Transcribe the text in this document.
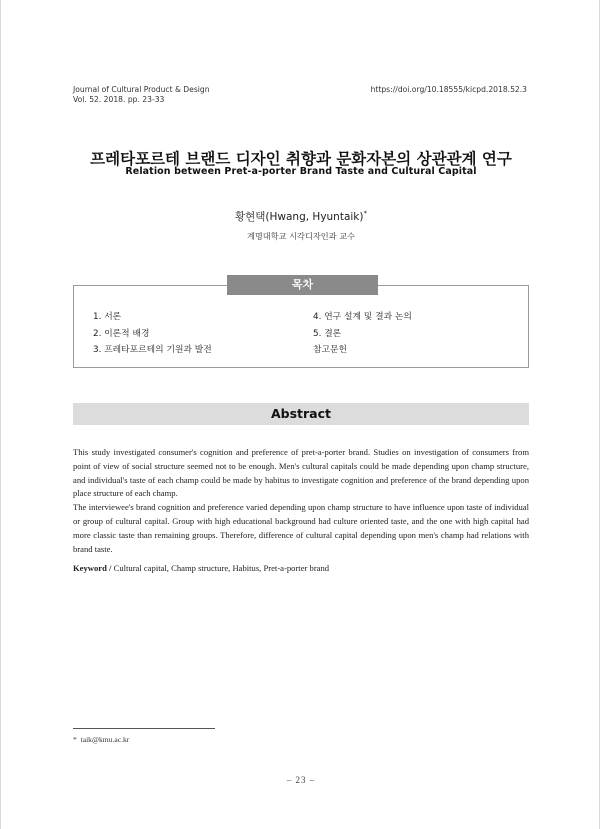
Journal of Cultural Product & Design
Vol. 52. 2018. pp. 23-33
https://doi.org/10.18555/kicpd.2018.52.3
프레타포르테 브랜드 디자인 취향과 문화자본의 상관관계 연구
Relation between Pret-a-porter Brand Taste and Cultural Capital
황현택(Hwang, Hyuntaik)*
계명대학교 시각디자인과 교수
목차
1. 서론
2. 이론적 배경
3. 프레타포르테의 기원과 발전
4. 연구 설계 및 결과 논의
5. 결론
참고문헌
Abstract

This study investigated consumer's cognition and preference of pret-a-porter brand. Studies on investigation of consumers from point of view of social structure seemed not to be enough. Men's cultural capitals could be made depending upon champ structure, and individual's taste of each champ could be made by habitus to investigate cognition and preference of the brand depending upon place structure of each champ.

The interviewee's brand cognition and preference varied depending upon champ structure to have influence upon taste of individual or group of cultural capital. Group with high educational background had culture oriented taste, and the one with high capital had more classic taste than remaining groups. Therefore, difference of cultural capital depending upon men's champ had relations with brand taste.

Keyword / Cultural capital, Champ structure, Habitus, Pret-a-porter brand
* taik@kmu.ac.kr
– 23 –
